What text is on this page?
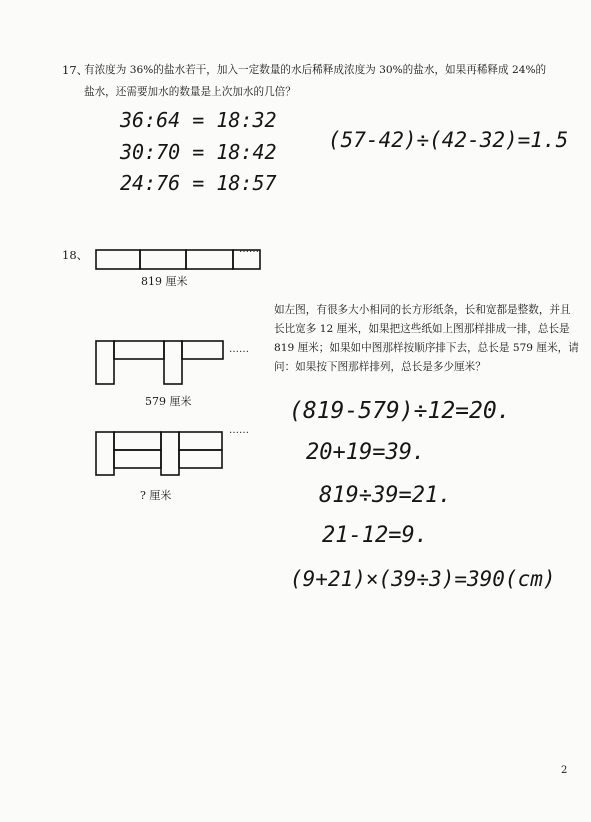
17、
有浓度为 36%的盐水若干，加入一定数量的水后稀释成浓度为 30%的盐水，如果再稀释成 24%的
盐水，还需要加水的数量是上次加水的几倍？
36:64 = 18:32
30:70 = 18:42
24:76 = 18:57
(57-42)÷(42-32)=1.5
18、	……
……
……
819 厘米
579 厘米
? 厘米
如左图，有很多大小相同的长方形纸条，长和宽都是整数，并且
长比宽多 12 厘米，如果把这些纸如上图那样排成一排，总长是
819 厘米；如果如中图那样按顺序排下去，总长是 579 厘米，请
问：如果按下图那样排列，总长是多少厘米？
(819-579)÷12=20.
20+19=39.
819÷39=21.
21-12=9.
(9+21)×(39÷3)=390(cm)
2
